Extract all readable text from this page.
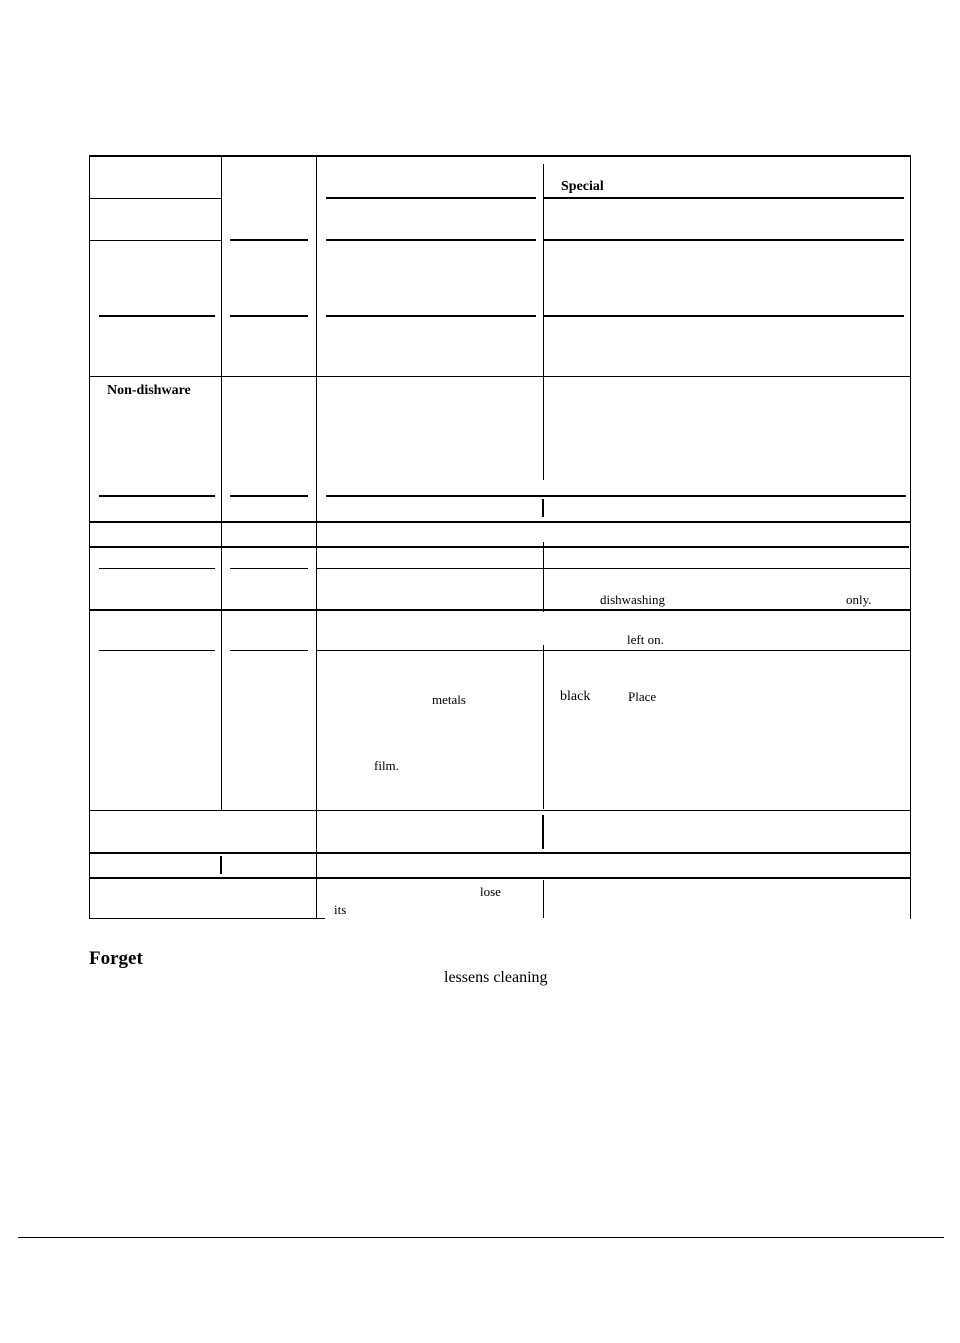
Special
Non-dishware
dishwashing	only.
left on.
metals	black	Place
film.
lose
its
Forget
lessens cleaning
